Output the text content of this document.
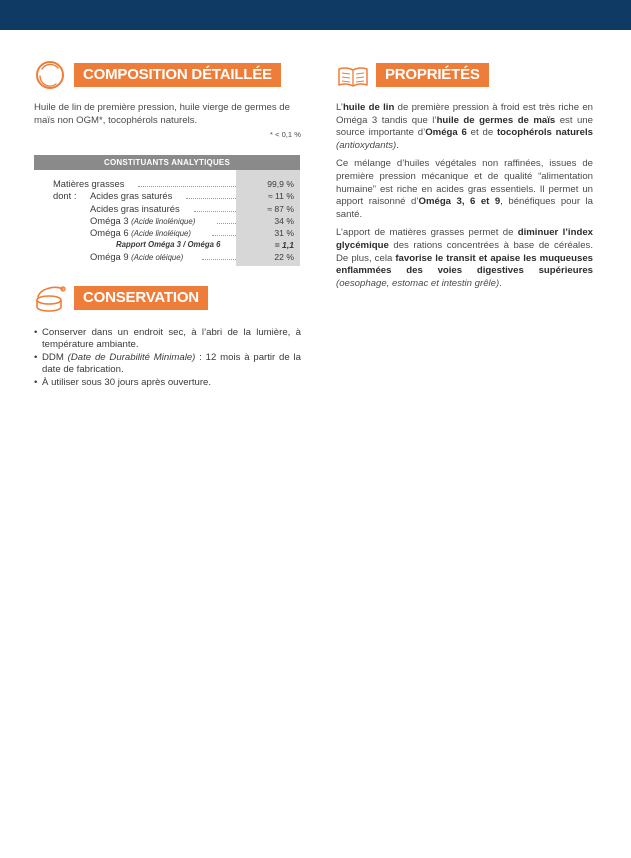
COMPOSITION DÉTAILLÉE

Huile de lin de première pression, huile vierge de germes de maïs non OGM*, tocophérols naturels.

* < 0,1 %

CONSTITUANTS ANALYTIQUES
Matières grasses	99,9 %
dont : Acides gras saturés	≈ 11 %
Acides gras insaturés	≈ 87 %
Oméga 3 (Acide linolénique)	34 %
Oméga 6 (Acide linoléique)	31 %
Rapport Oméga 3 / Oméga 6	= 1,1
Oméga 9 (Acide oléique)	22 %
CONSERVATION
• Conserver dans un endroit sec, à l’abri de la lumière, à température ambiante.
• DDM (Date de Durabilité Minimale) : 12 mois à partir de la date de fabrication.
• À utiliser sous 30 jours après ouverture.
PROPRIÉTÉS

L’huile de lin de première pression à froid est très riche en Oméga 3 tandis que l’huile de germes de maïs est une source importante d’Oméga 6 et de tocophérols naturels (antioxydants).

Ce mélange d’huiles végétales non raffinées, issues de première pression mécanique et de qualité “alimentation humaine” est riche en acides gras essentiels. Il permet un apport raisonné d’Oméga 3, 6 et 9, bénéfiques pour la santé.

L’apport de matières grasses permet de diminuer l’index glycémique des rations concentrées à base de céréales. De plus, cela favorise le transit et apaise les muqueuses enflammées des voies digestives supérieures (oesophage, estomac et intestin grêle).
